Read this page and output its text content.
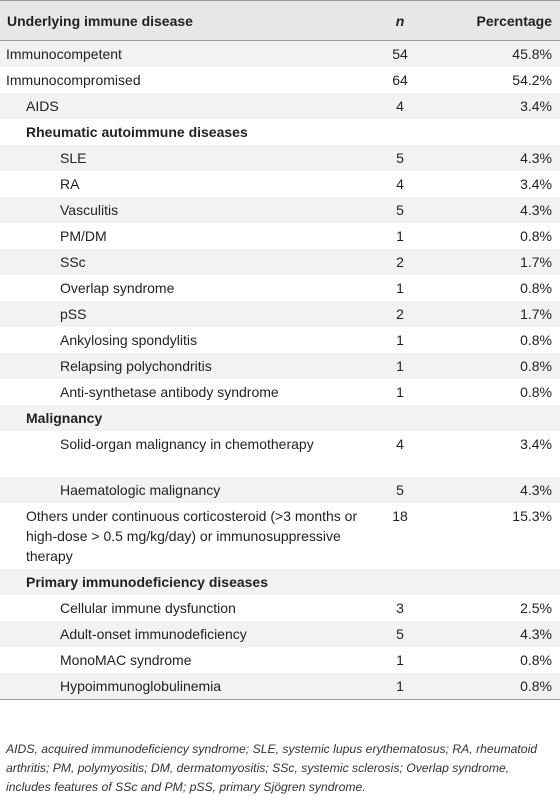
Underlying immune disease	n	Percentage
Immunocompetent	54	45.8%
Immunocompromised	64	54.2%
AIDS	4	3.4%
Rheumatic autoimmune diseases		
SLE	5	4.3%
RA	4	3.4%
Vasculitis	5	4.3%
PM/DM	1	0.8%
SSc	2	1.7%
Overlap syndrome	1	0.8%
pSS	2	1.7%
Ankylosing spondylitis	1	0.8%
Relapsing polychondritis	1	0.8%
Anti-synthetase antibody syndrome	1	0.8%
Malignancy		
Solid-organ malignancy in chemotherapy	4	3.4%
Haematologic malignancy	5	4.3%
Others under continuous corticosteroid (>3 months or high-dose > 0.5 mg/kg/day) or immunosuppressive therapy	18	15.3%
Primary immunodeficiency diseases		
Cellular immune dysfunction	3	2.5%
Adult-onset immunodeficiency	5	4.3%
MonoMAC syndrome	1	0.8%
Hypoimmunoglobulinemia	1	0.8%
AIDS, acquired immunodeficiency syndrome; SLE, systemic lupus erythematosus; RA, rheumatoid arthritis; PM, polymyositis; DM, dermatomyositis; SSc, systemic sclerosis; Overlap syndrome, includes features of SSc and PM; pSS, primary Sjögren syndrome.
